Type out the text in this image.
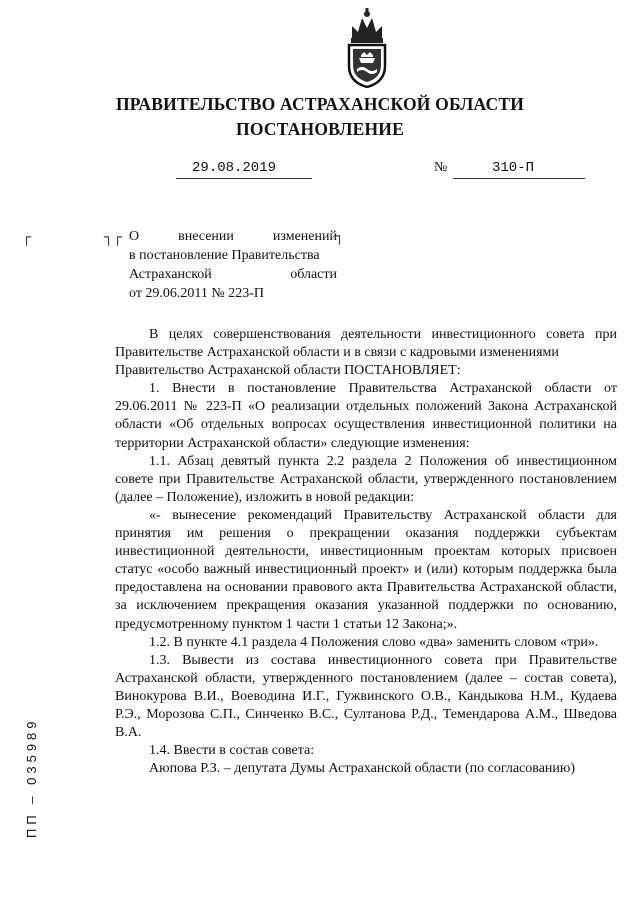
ПРАВИТЕЛЬСТВО АСТРАХАНСКОЙ ОБЛАСТИ
ПОСТАНОВЛЕНИЕ
29.08.2019	№	310-П
┌	┐┌	┐
О внесении изменений
в постановление Правительства
Астраханской области
от 29.06.2011 № 223-П

В целях совершенствования деятельности инвестиционного совета при Правительстве Астраханской области и в связи с кадровыми изменениями

Правительство Астраханской области ПОСТАНОВЛЯЕТ:

1. Внести в постановление Правительства Астраханской области от 29.06.2011 № 223-П «О реализации отдельных положений Закона Астраханской области «Об отдельных вопросах осуществления инвестиционной политики на территории Астраханской области» следующие изменения:

1.1. Абзац девятый пункта 2.2 раздела 2 Положения об инвестиционном совете при Правительстве Астраханской области, утвержденного постановлением (далее – Положение), изложить в новой редакции:

«- вынесение рекомендаций Правительству Астраханской области для принятия им решения о прекращении оказания поддержки субъектам инвестиционной деятельности, инвестиционным проектам которых присвоен статус «особо важный инвестиционный проект» и (или) которым поддержка была предоставлена на основании правового акта Правительства Астраханской области, за исключением прекращения оказания указанной поддержки по основанию, предусмотренному пунктом 1 части 1 статьи 12 Закона;».

1.2. В пункте 4.1 раздела 4 Положения слово «два» заменить словом «три».

1.3. Вывести из состава инвестиционного совета при Правительстве Астраханской области, утвержденного постановлением (далее – состав совета), Винокурова В.И., Воеводина И.Г., Гужвинского О.В., Кандыкова Н.М., Кудаева Р.Э., Морозова С.П., Синченко В.С., Султанова Р.Д., Темендарова А.М., Шведова В.А.

1.4. Ввести в состав совета:

Аюпова Р.З. – депутата Думы Астраханской области (по согласованию)

ПП – 035989
